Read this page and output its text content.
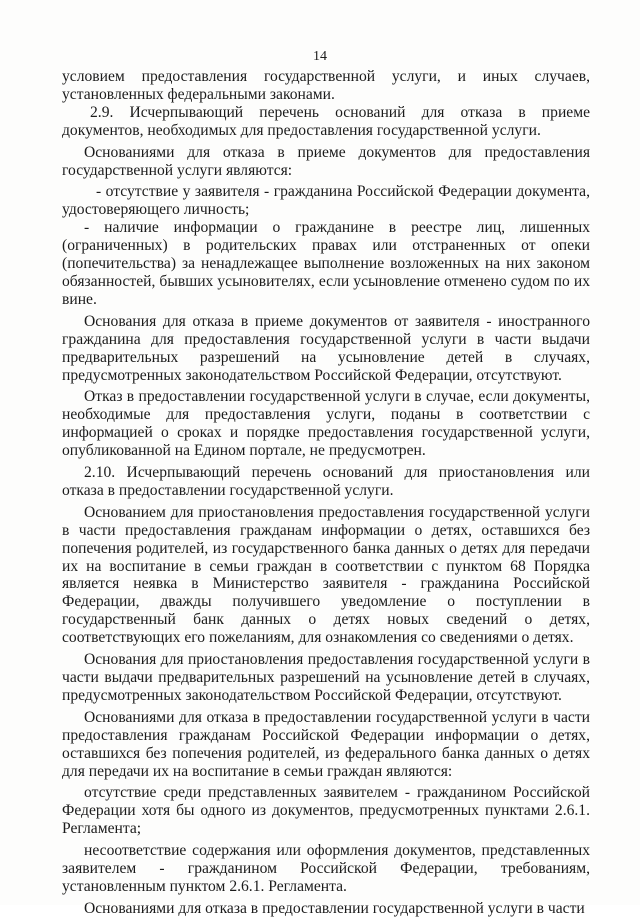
14

условием предоставления государственной услуги, и иных случаев, установленных федеральными законами.

2.9. Исчерпывающий перечень оснований для отказа в приеме документов, необходимых для предоставления государственной услуги.

Основаниями для отказа в приеме документов для предоставления государственной услуги являются:

- отсутствие у заявителя - гражданина Российской Федерации документа, удостоверяющего личность;

- наличие информации о гражданине в реестре лиц, лишенных (ограниченных) в родительских правах или отстраненных от опеки (попечительства) за ненадлежащее выполнение возложенных на них законом обязанностей, бывших усыновителях, если усыновление отменено судом по их вине.

Основания для отказа в приеме документов от заявителя - иностранного гражданина для предоставления государственной услуги в части выдачи предварительных разрешений на усыновление детей в случаях, предусмотренных законодательством Российской Федерации, отсутствуют.

Отказ в предоставлении государственной услуги в случае, если документы, необходимые для предоставления услуги, поданы в соответствии с информацией о сроках и порядке предоставления государственной услуги, опубликованной на Едином портале, не предусмотрен.

2.10. Исчерпывающий перечень оснований для приостановления или отказа в предоставлении государственной услуги.

Основанием для приостановления предоставления государственной услуги в части предоставления гражданам информации о детях, оставшихся без попечения родителей, из государственного банка данных о детях для передачи их на воспитание в семьи граждан в соответствии с пунктом 68 Порядка является неявка в Министерство заявителя - гражданина Российской Федерации, дважды получившего уведомление о поступлении в государственный банк данных о детях новых сведений о детях, соответствующих его пожеланиям, для ознакомления со сведениями о детях.

Основания для приостановления предоставления государственной услуги в части выдачи предварительных разрешений на усыновление детей в случаях, предусмотренных законодательством Российской Федерации, отсутствуют.

Основаниями для отказа в предоставлении государственной услуги в части предоставления гражданам Российской Федерации информации о детях, оставшихся без попечения родителей, из федерального банка данных о детях для передачи их на воспитание в семьи граждан являются:

отсутствие среди представленных заявителем - гражданином Российской Федерации хотя бы одного из документов, предусмотренных пунктами 2.6.1. Регламента;

несоответствие содержания или оформления документов, представленных заявителем - гражданином Российской Федерации, требованиям, установленным пунктом 2.6.1. Регламента.

Основаниями для отказа в предоставлении государственной услуги в части
